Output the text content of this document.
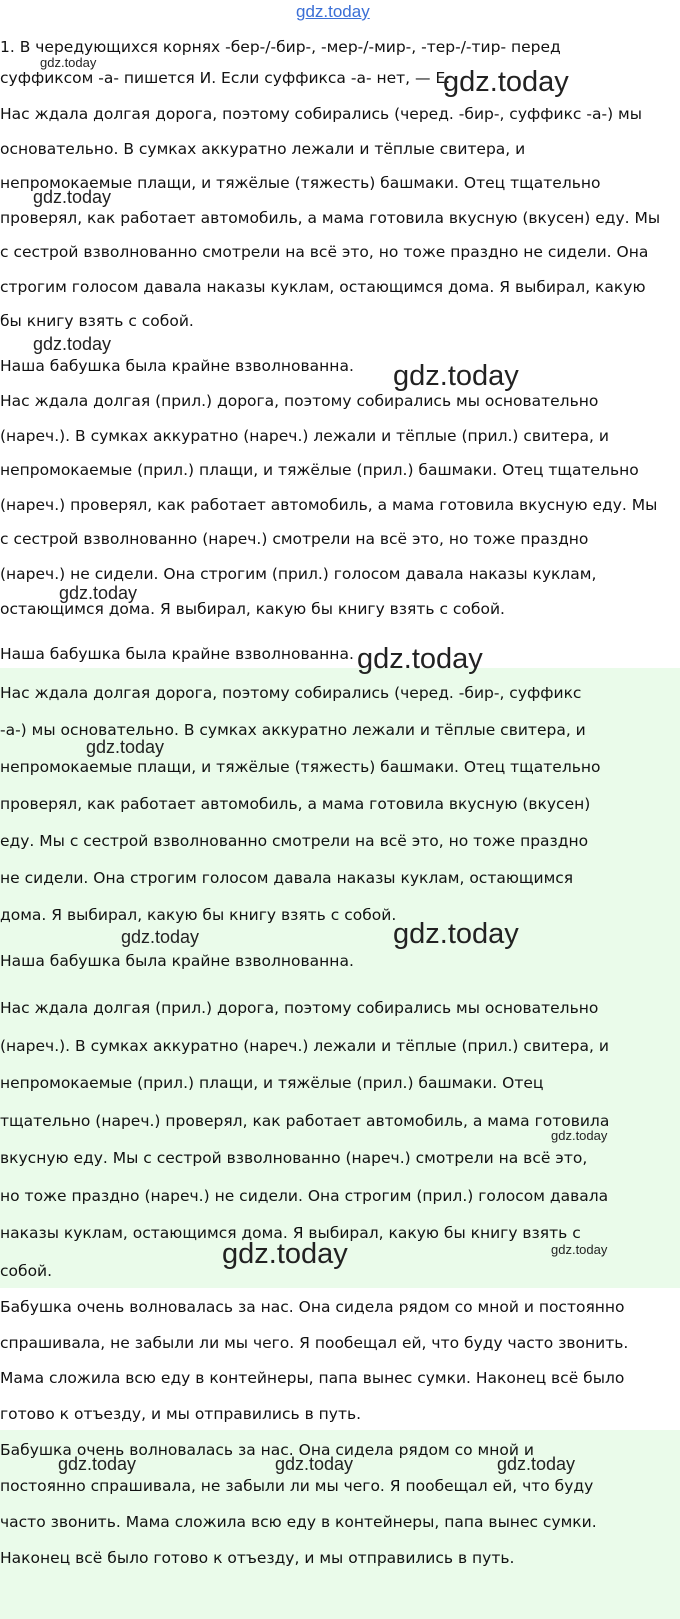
gdz.today

1. В чередующихся корнях -бер-/-бир-, -мер-/-мир-, -тер-/-тир- перед
суффиксом -а- пишется И. Если суффикса -а- нет, — Е.

Нас ждала долгая дорога, поэтому собирались (черед. -бир-, суффикс -а-) мы
основательно. В сумках аккуратно лежали и тёплые свитера, и
непромокаемые плащи, и тяжёлые (тяжесть) башмаки. Отец тщательно
проверял, как работает автомобиль, а мама готовила вкусную (вкусен) еду. Мы
с сестрой взволнованно смотрели на всё это, но тоже праздно не сидели. Она
строгим голосом давала наказы куклам, остающимся дома. Я выбирал, какую
бы книгу взять с собой.

Наша бабушка была крайне взволнованна.

Нас ждала долгая (прил.) дорога, поэтому собирались мы основательно
(нареч.). В сумках аккуратно (нареч.) лежали и тёплые (прил.) свитера, и
непромокаемые (прил.) плащи, и тяжёлые (прил.) башмаки. Отец тщательно
(нареч.) проверял, как работает автомобиль, а мама готовила вкусную еду. Мы
с сестрой взволнованно (нареч.) смотрели на всё это, но тоже праздно
(нареч.) не сидели. Она строгим (прил.) голосом давала наказы куклам,
остающимся дома. Я выбирал, какую бы книгу взять с собой.

Наша бабушка была крайне взволнованна.

Нас ждала долгая дорога, поэтому собирались (черед. -бир-, суффикс
-а-) мы основательно. В сумках аккуратно лежали и тёплые свитера, и
непромокаемые плащи, и тяжёлые (тяжесть) башмаки. Отец тщательно
проверял, как работает автомобиль, а мама готовила вкусную (вкусен)
еду. Мы с сестрой взволнованно смотрели на всё это, но тоже праздно
не сидели. Она строгим голосом давала наказы куклам, остающимся
дома. Я выбирал, какую бы книгу взять с собой.

Наша бабушка была крайне взволнованна.

Нас ждала долгая (прил.) дорога, поэтому собирались мы основательно
(нареч.). В сумках аккуратно (нареч.) лежали и тёплые (прил.) свитера, и
непромокаемые (прил.) плащи, и тяжёлые (прил.) башмаки. Отец
тщательно (нареч.) проверял, как работает автомобиль, а мама готовила
вкусную еду. Мы с сестрой взволнованно (нареч.) смотрели на всё это,
но тоже праздно (нареч.) не сидели. Она строгим (прил.) голосом давала
наказы куклам, остающимся дома. Я выбирал, какую бы книгу взять с
собой.

Бабушка очень волновалась за нас. Она сидела рядом со мной и постоянно
спрашивала, не забыли ли мы чего. Я пообещал ей, что буду часто звонить.
Мама сложила всю еду в контейнеры, папа вынес сумки. Наконец всё было
готово к отъезду, и мы отправились в путь.

Бабушка очень волновалась за нас. Она сидела рядом со мной и
постоянно спрашивала, не забыли ли мы чего. Я пообещал ей, что буду
часто звонить. Мама сложила всю еду в контейнеры, папа вынес сумки.
Наконец всё было готово к отъезду, и мы отправились в путь.

gdz.today
gdz.today
gdz.today
gdz.today
gdz.today
gdz.today
gdz.today
gdz.today
gdz.today	gdz.today
gdz.today
gdz.today	gdz.today
gdz.today	gdz.today	gdz.today
